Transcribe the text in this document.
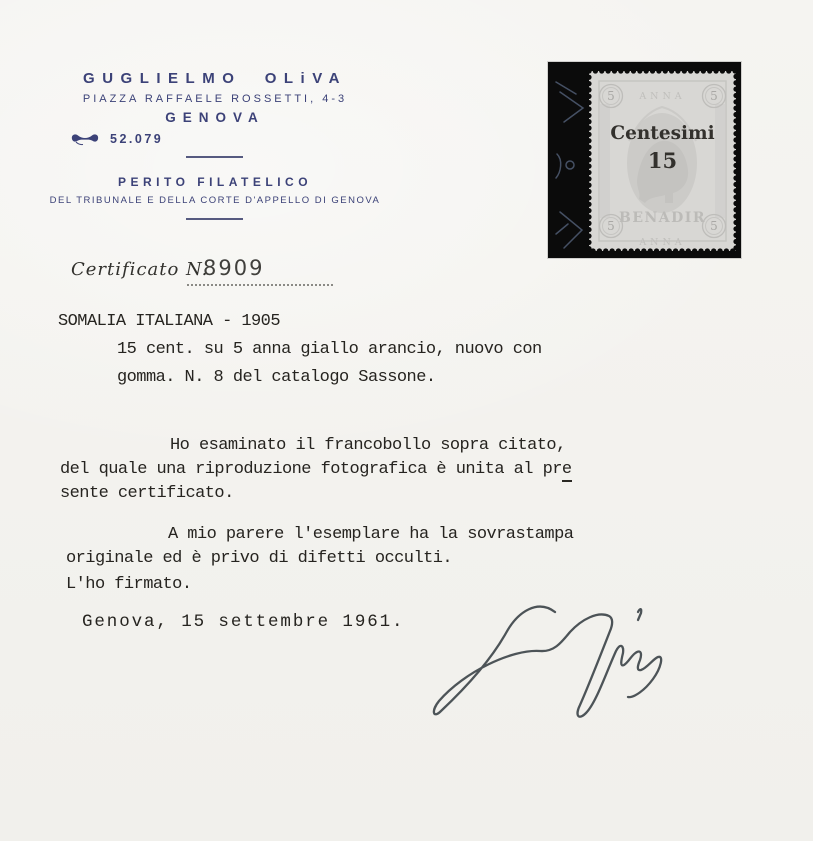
GUGLIELMO  OLiVA
PIAZZA RAFFAELE ROSSETTI, 4-3
GENOVA
52.079
PERITO FILATELICO
DEL TRIBUNALE E DELLA CORTE D'APPELLO DI GENOVA
Certificato N.
8909
5	5
5	5
ANNA
BENADIR
ANNA
Centesimi
15
SOMALIA ITALIANA - 1905
15 cent. su 5 anna giallo arancio, nuovo con
gomma. N. 8 del catalogo Sassone.
Ho esaminato il francobollo sopra citato,
del quale una riproduzione fotografica è unita al pre
sente certificato.
A mio parere l'esemplare ha la sovrastampa
originale ed è privo di difetti occulti.
L'ho firmato.
Genova, 15 settembre 1961.
